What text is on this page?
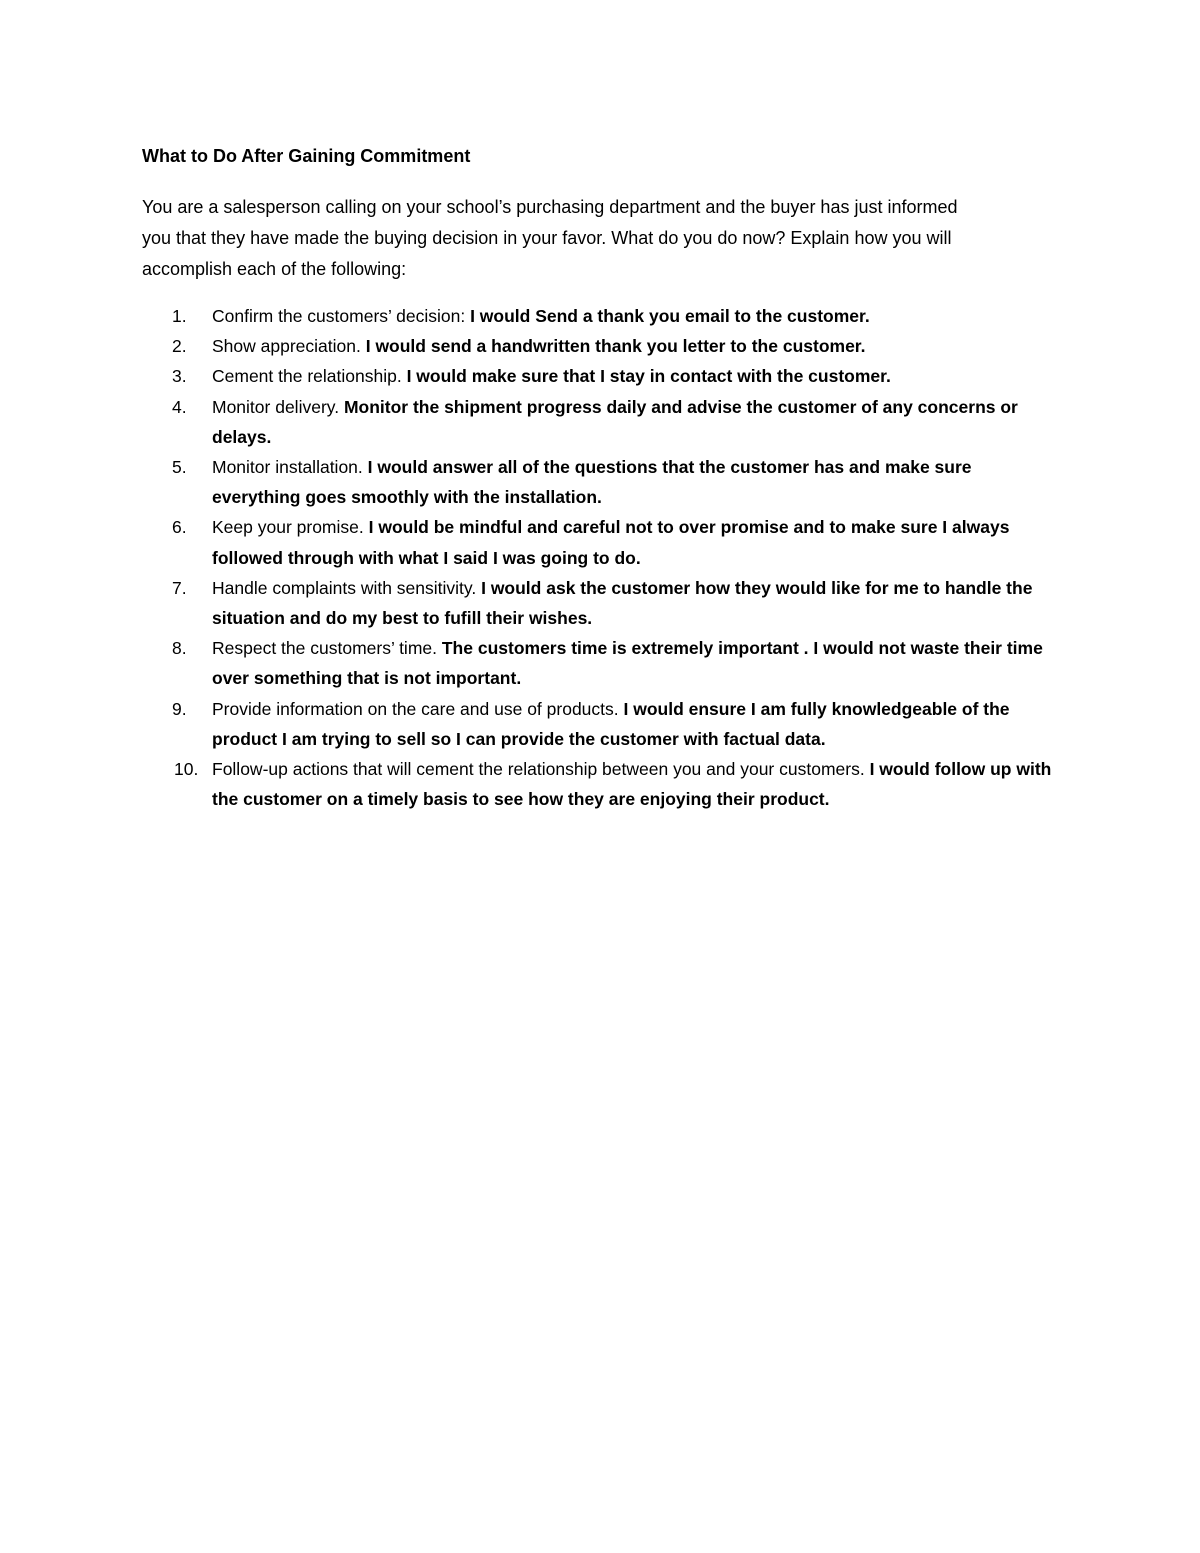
What to Do After Gaining Commitment

You are a salesperson calling on your school’s purchasing department and the buyer has just informed

you that they have made the buying decision in your favor. What do you do now? Explain how you will

accomplish each of the following:

1. Confirm the customers’ decision: I would Send a thank you email to the customer.
2. Show appreciation. I would send a handwritten thank you letter to the customer.
3. Cement the relationship. I would make sure that I stay in contact with the customer.
4. Monitor delivery. Monitor the shipment progress daily and advise the customer of any concerns or delays.
5. Monitor installation. I would answer all of the questions that the customer has and make sure everything goes smoothly with the installation.
6. Keep your promise. I would be mindful and careful not to over promise and to make sure I always followed through with what I said I was going to do.
7. Handle complaints with sensitivity. I would ask the customer how they would like for me to handle the situation and do my best to fufill their wishes.
8. Respect the customers’ time. The customers time is extremely important . I would not waste their time over something that is not important.
9. Provide information on the care and use of products. I would ensure I am fully knowledgeable of the product I am trying to sell so I can provide the customer with factual data.
10. Follow-up actions that will cement the relationship between you and your customers. I would follow up with the customer on a timely basis to see how they are enjoying their product.
